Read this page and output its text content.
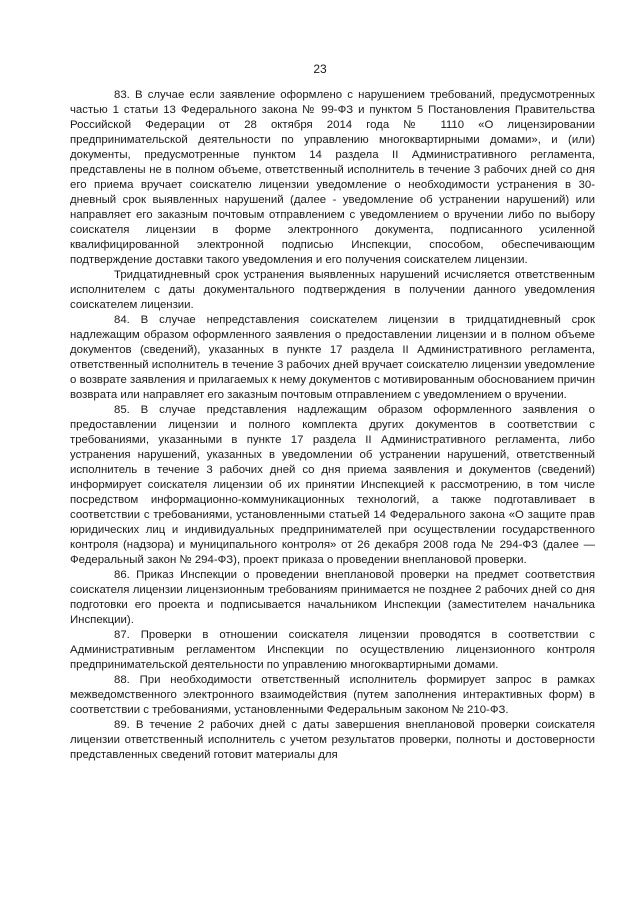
23

83. В случае если заявление оформлено с нарушением требований, предусмотренных частью 1 статьи 13 Федерального закона № 99-ФЗ и пунктом 5 Постановления Правительства Российской Федерации от 28 октября 2014 года № 1110 «О лицензировании предпринимательской деятельности по управлению многоквартирными домами», и (или) документы, предусмотренные пунктом 14 раздела II Административного регламента, представлены не в полном объеме, ответственный исполнитель в течение 3 рабочих дней со дня его приема вручает соискателю лицензии уведомление о необходимости устранения в 30-дневный срок выявленных нарушений (далее - уведомление об устранении нарушений) или направляет его заказным почтовым отправлением с уведомлением о вручении либо по выбору соискателя лицензии в форме электронного документа, подписанного усиленной квалифицированной электронной подписью Инспекции, способом, обеспечивающим подтверждение доставки такого уведомления и его получения соискателем лицензии.

Тридцатидневный срок устранения выявленных нарушений исчисляется ответственным исполнителем с даты документального подтверждения в получении данного уведомления соискателем лицензии.

84. В случае непредставления соискателем лицензии в тридцатидневный срок надлежащим образом оформленного заявления о предоставлении лицензии и в полном объеме документов (сведений), указанных в пункте 17 раздела II Административного регламента, ответственный исполнитель в течение 3 рабочих дней вручает соискателю лицензии уведомление о возврате заявления и прилагаемых к нему документов с мотивированным обоснованием причин возврата или направляет его заказным почтовым отправлением с уведомлением о вручении.

85. В случае представления надлежащим образом оформленного заявления о предоставлении лицензии и полного комплекта других документов в соответствии с требованиями, указанными в пункте 17 раздела II Административного регламента, либо устранения нарушений, указанных в уведомлении об устранении нарушений, ответственный исполнитель в течение 3 рабочих дней со дня приема заявления и документов (сведений) информирует соискателя лицензии об их принятии Инспекцией к рассмотрению, в том числе посредством информационно-коммуникационных технологий, а также подготавливает в соответствии с требованиями, установленными статьей 14 Федерального закона «О защите прав юридических лиц и индивидуальных предпринимателей при осуществлении государственного контроля (надзора) и муниципального контроля» от 26 декабря 2008 года № 294-ФЗ (далее — Федеральный закон № 294-ФЗ), проект приказа о проведении внеплановой проверки.

86. Приказ Инспекции о проведении внеплановой проверки на предмет соответствия соискателя лицензии лицензионным требованиям принимается не позднее 2 рабочих дней со дня подготовки его проекта и подписывается начальником Инспекции (заместителем начальника Инспекции).

87. Проверки в отношении соискателя лицензии проводятся в соответствии с Административным регламентом Инспекции по осуществлению лицензионного контроля предпринимательской деятельности по управлению многоквартирными домами.

88. При необходимости ответственный исполнитель формирует запрос в рамках межведомственного электронного взаимодействия (путем заполнения интерактивных форм) в соответствии с требованиями, установленными Федеральным законом № 210-ФЗ.

89. В течение 2 рабочих дней с даты завершения внеплановой проверки соискателя лицензии ответственный исполнитель с учетом результатов проверки, полноты и достоверности представленных сведений готовит материалы для
